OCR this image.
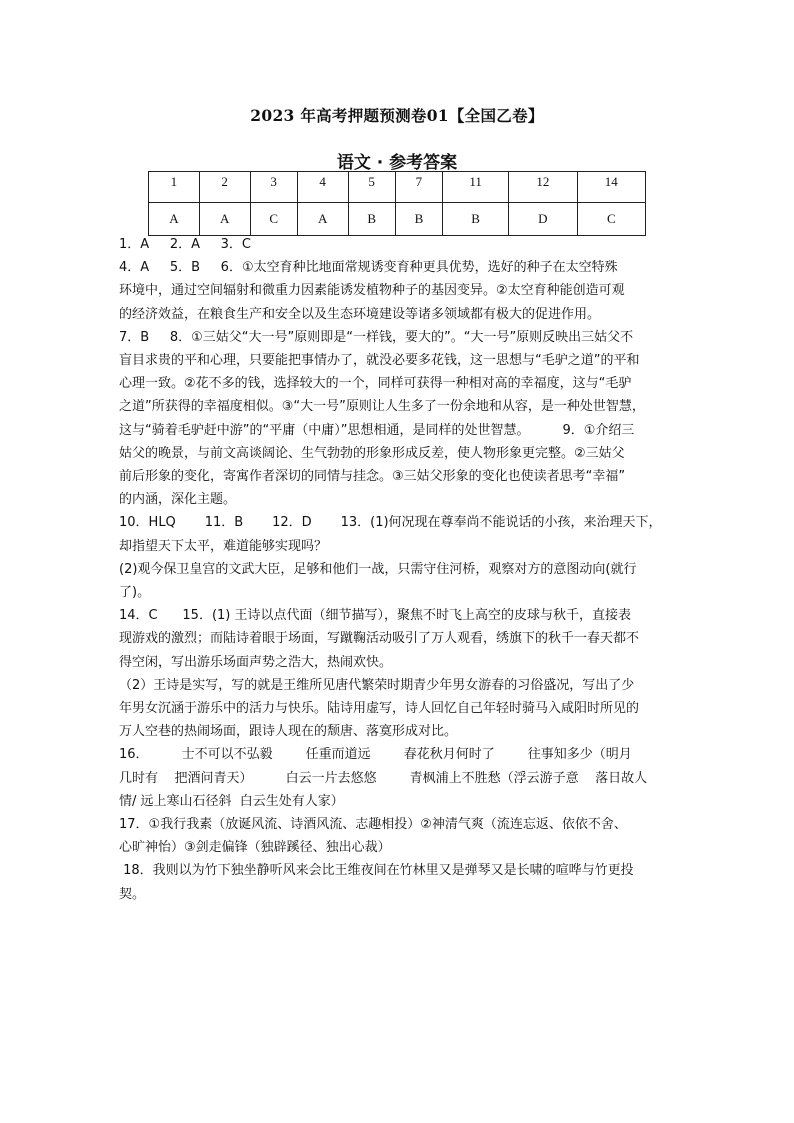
2023 年高考押题预测卷01【全国乙卷】
语文 · 参考答案
1	2	3	4	5	7	11	12	14
A	A	C	A	B	B	B	D	C

1．A     2．A     3．C

4．A     5．B     6．①太空育种比地面常规诱变育种更具优势，选好的种子在太空特殊

环境中，通过空间辐射和微重力因素能诱发植物种子的基因变异。②太空育种能创造可观

的经济效益，在粮食生产和安全以及生态环境建设等诸多领域都有极大的促进作用。

7．B     8．①三姑父“大一号”原则即是“一样钱，要大的”。“大一号”原则反映出三姑父不

盲目求贵的平和心理，只要能把事情办了，就没必要多花钱，这一思想与“毛驴之道”的平和

心理一致。②花不多的钱，选择较大的一个，同样可获得一种相对高的幸福度，这与“毛驴

之道”所获得的幸福度相似。③“大一号”原则让人生多了一份余地和从容，是一种处世智慧，

这与“骑着毛驴赶中游”的“平庸（中庸）”思想相通，是同样的处世智慧。        9．①介绍三

姑父的晚景，与前文高谈阔论、生气勃勃的形象形成反差，使人物形象更完整。②三姑父

前后形象的变化，寄寓作者深切的同情与挂念。③三姑父形象的变化也使读者思考“幸福”

的内涵，深化主题。

10．HLQ       11．B       12．D       13．(1)何况现在尊奉尚不能说话的小孩，来治理天下，

却指望天下太平，难道能够实现吗？

(2)观今保卫皇宫的文武大臣，足够和他们一战，只需守住河桥，观察对方的意图动向(就行

了)。

14．C      15．(1) 王诗以点代面（细节描写），聚焦不时飞上高空的皮球与秋千，直接表

现游戏的激烈；而陆诗着眼于场面，写蹴鞠活动吸引了万人观看，绣旗下的秋千一春天都不

得空闲，写出游乐场面声势之浩大，热闹欢快。

（2）王诗是实写，写的就是王维所见唐代繁荣时期青少年男女游春的习俗盛况，写出了少

年男女沉涵于游乐中的活力与快乐。陆诗用虚写，诗人回忆自己年轻时骑马入咸阳时所见的

万人空巷的热闹场面，跟诗人现在的颓唐、落寞形成对比。

16．        士不可以不弘毅        任重而道远        春花秋月何时了        往事知多少（明月

几时有    把酒问青天）        白云一片去悠悠        青枫浦上不胜愁（浮云游子意    落日故人

情/ 远上寒山石径斜  白云生处有人家）

17．①我行我素（放诞风流、诗酒风流、志趣相投）②神清气爽（流连忘返、依依不舍、

心旷神怡）③剑走偏锋（独辟蹊径、独出心裁）

18．我则以为竹下独坐静听风来会比王维夜间在竹林里又是弹琴又是长啸的喧哗与竹更投

契。
